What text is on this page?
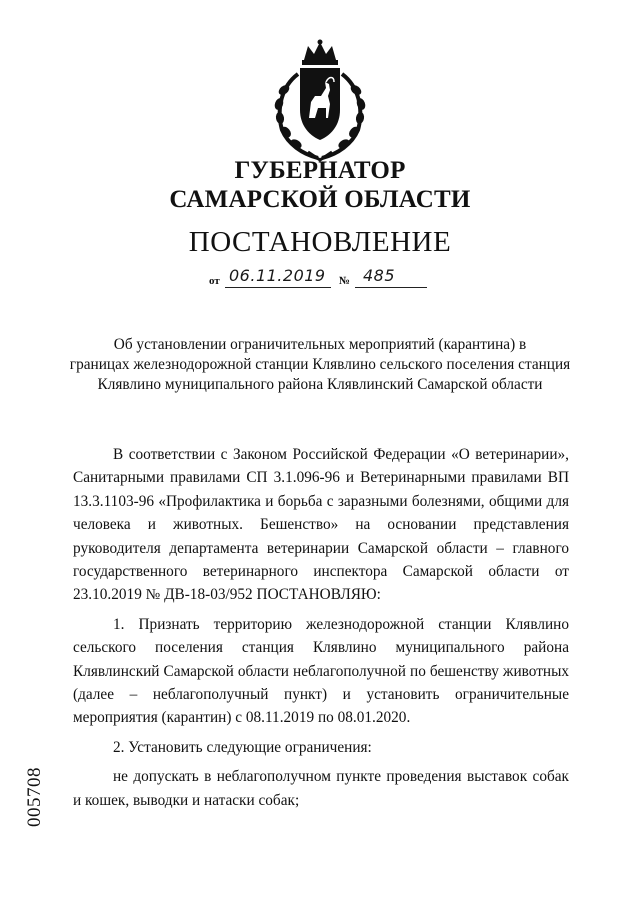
ГУБЕРНАТОР
САМАРСКОЙ ОБЛАСТИ
ПОСТАНОВЛЕНИЕ
от 06.11.2019 № 485
Об установлении ограничительных мероприятий (карантина) в
границах железнодорожной станции Клявлино сельского поселения станция
Клявлино муниципального района Клявлинский Самарской области

В соответствии с Законом Российской Федерации «О ветеринарии», Санитарными правилами СП 3.1.096-96 и Ветеринарными правилами ВП 13.3.1103-96 «Профилактика и борьба с заразными болезнями, общими для человека и животных. Бешенство» на основании представления руководителя департамента ветеринарии Самарской области – главного государственного ветеринарного инспектора Самарской области от 23.10.2019 № ДВ-18-03/952 ПОСТАНОВЛЯЮ:

1. Признать территорию железнодорожной станции Клявлино сельского поселения станция Клявлино муниципального района Клявлинский Самарской области неблагополучной по бешенству животных (далее – неблагополучный пункт) и установить ограничительные мероприятия (карантин) с 08.11.2019 по 08.01.2020.

2. Установить следующие ограничения:

не допускать в неблагополучном пункте проведения выставок собак и кошек, выводки и натаски собак;

005708
